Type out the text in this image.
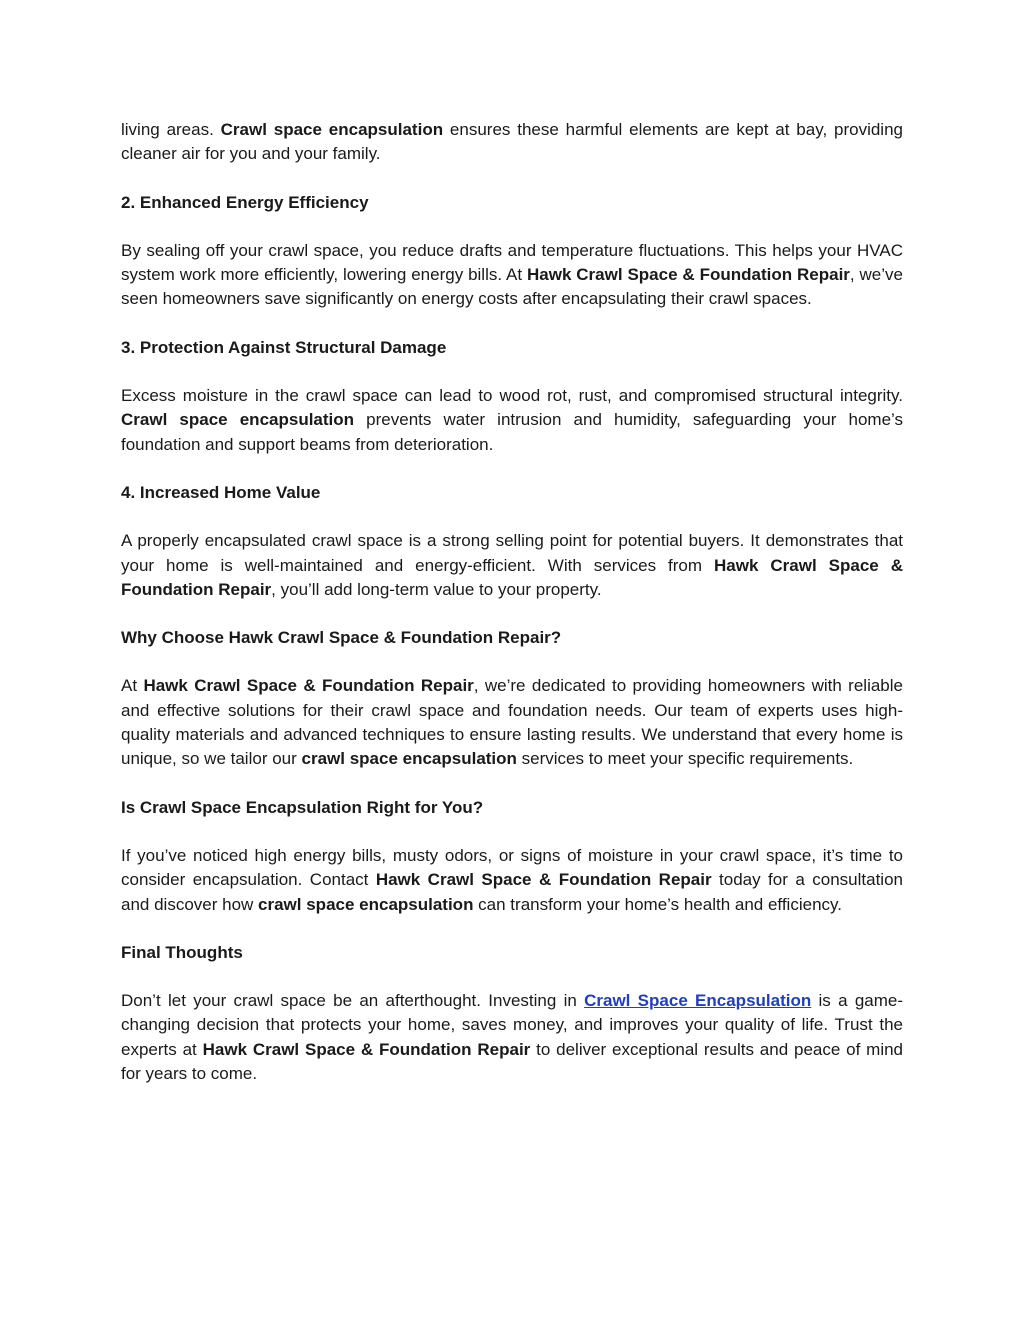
living areas. Crawl space encapsulation ensures these harmful elements are kept at bay, providing cleaner air for you and your family.

2. Enhanced Energy Efficiency

By sealing off your crawl space, you reduce drafts and temperature fluctuations. This helps your HVAC system work more efficiently, lowering energy bills. At Hawk Crawl Space & Foundation Repair, we’ve seen homeowners save significantly on energy costs after encapsulating their crawl spaces.

3. Protection Against Structural Damage

Excess moisture in the crawl space can lead to wood rot, rust, and compromised structural integrity. Crawl space encapsulation prevents water intrusion and humidity, safeguarding your home’s foundation and support beams from deterioration.

4. Increased Home Value

A properly encapsulated crawl space is a strong selling point for potential buyers. It demonstrates that your home is well-maintained and energy-efficient. With services from Hawk Crawl Space & Foundation Repair, you’ll add long-term value to your property.

Why Choose Hawk Crawl Space & Foundation Repair?

At Hawk Crawl Space & Foundation Repair, we’re dedicated to providing homeowners with reliable and effective solutions for their crawl space and foundation needs. Our team of experts uses high-quality materials and advanced techniques to ensure lasting results. We understand that every home is unique, so we tailor our crawl space encapsulation services to meet your specific requirements.

Is Crawl Space Encapsulation Right for You?

If you’ve noticed high energy bills, musty odors, or signs of moisture in your crawl space, it’s time to consider encapsulation. Contact Hawk Crawl Space & Foundation Repair today for a consultation and discover how crawl space encapsulation can transform your home’s health and efficiency.

Final Thoughts

Don’t let your crawl space be an afterthought. Investing in Crawl Space Encapsulation is a game-changing decision that protects your home, saves money, and improves your quality of life. Trust the experts at Hawk Crawl Space & Foundation Repair to deliver exceptional results and peace of mind for years to come.
